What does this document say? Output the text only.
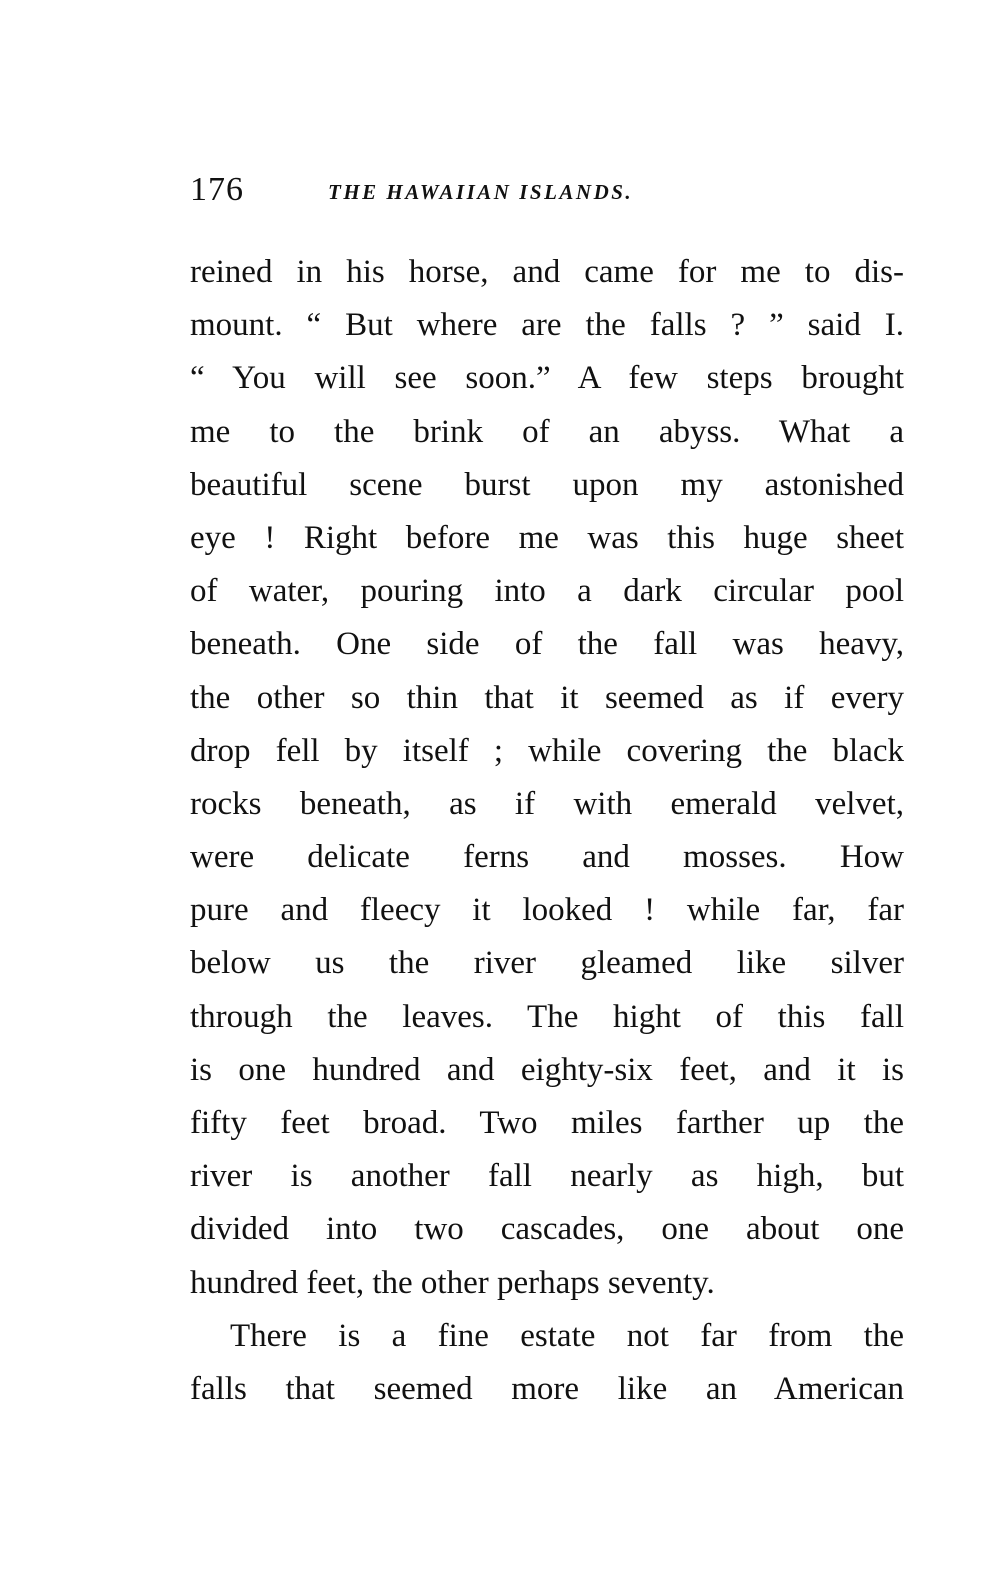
176	THE HAWAIIAN ISLANDS.
reined in his horse, and came for me to dis-
mount. “ But where are the falls ? ” said I.
“ You will see soon.” A few steps brought
me to the brink of an abyss. What a
beautiful scene burst upon my astonished
eye ! Right before me was this huge sheet
of water, pouring into a dark circular pool
beneath. One side of the fall was heavy,
the other so thin that it seemed as if every
drop fell by itself ; while covering the black
rocks beneath, as if with emerald velvet,
were delicate ferns and mosses. How
pure and fleecy it looked ! while far, far
below us the river gleamed like silver
through the leaves. The hight of this fall
is one hundred and eighty-six feet, and it is
fifty feet broad. Two miles farther up the
river is another fall nearly as high, but
divided into two cascades, one about one
hundred feet, the other perhaps seventy.
There is a fine estate not far from the
falls that seemed more like an American
